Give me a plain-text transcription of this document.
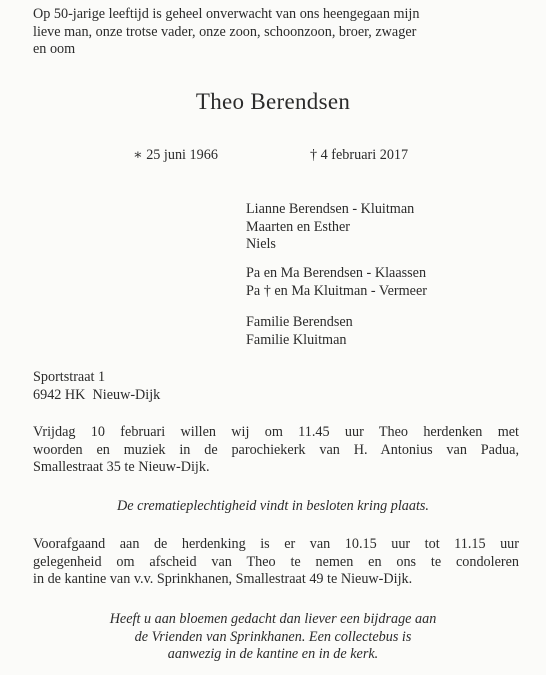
Op 50-jarige leeftijd is geheel onverwacht van ons heengegaan mijn
lieve man, onze trotse vader, onze zoon, schoonzoon, broer, zwager
en oom
Theo Berendsen
∗ 25 juni 1966	† 4 februari 2017
Lianne Berendsen - Kluitman
Maarten en Esther
Niels
Pa en Ma Berendsen - Klaassen
Pa † en Ma Kluitman - Vermeer
Familie Berendsen
Familie Kluitman
Sportstraat 1
6942 HK  Nieuw-Dijk
Vrijdag 10 februari willen wij om 11.45 uur Theo herdenken met
woorden en muziek in de parochiekerk van H. Antonius van Padua,
Smallestraat 35 te Nieuw-Dijk.
De crematieplechtigheid vindt in besloten kring plaats.
Voorafgaand aan de herdenking is er van 10.15 uur tot 11.15 uur
gelegenheid om afscheid van Theo te nemen en ons te condoleren
in de kantine van v.v. Sprinkhanen, Smallestraat 49 te Nieuw-Dijk.
Heeft u aan bloemen gedacht dan liever een bijdrage aan
de Vrienden van Sprinkhanen. Een collectebus is
aanwezig in de kantine en in de kerk.
